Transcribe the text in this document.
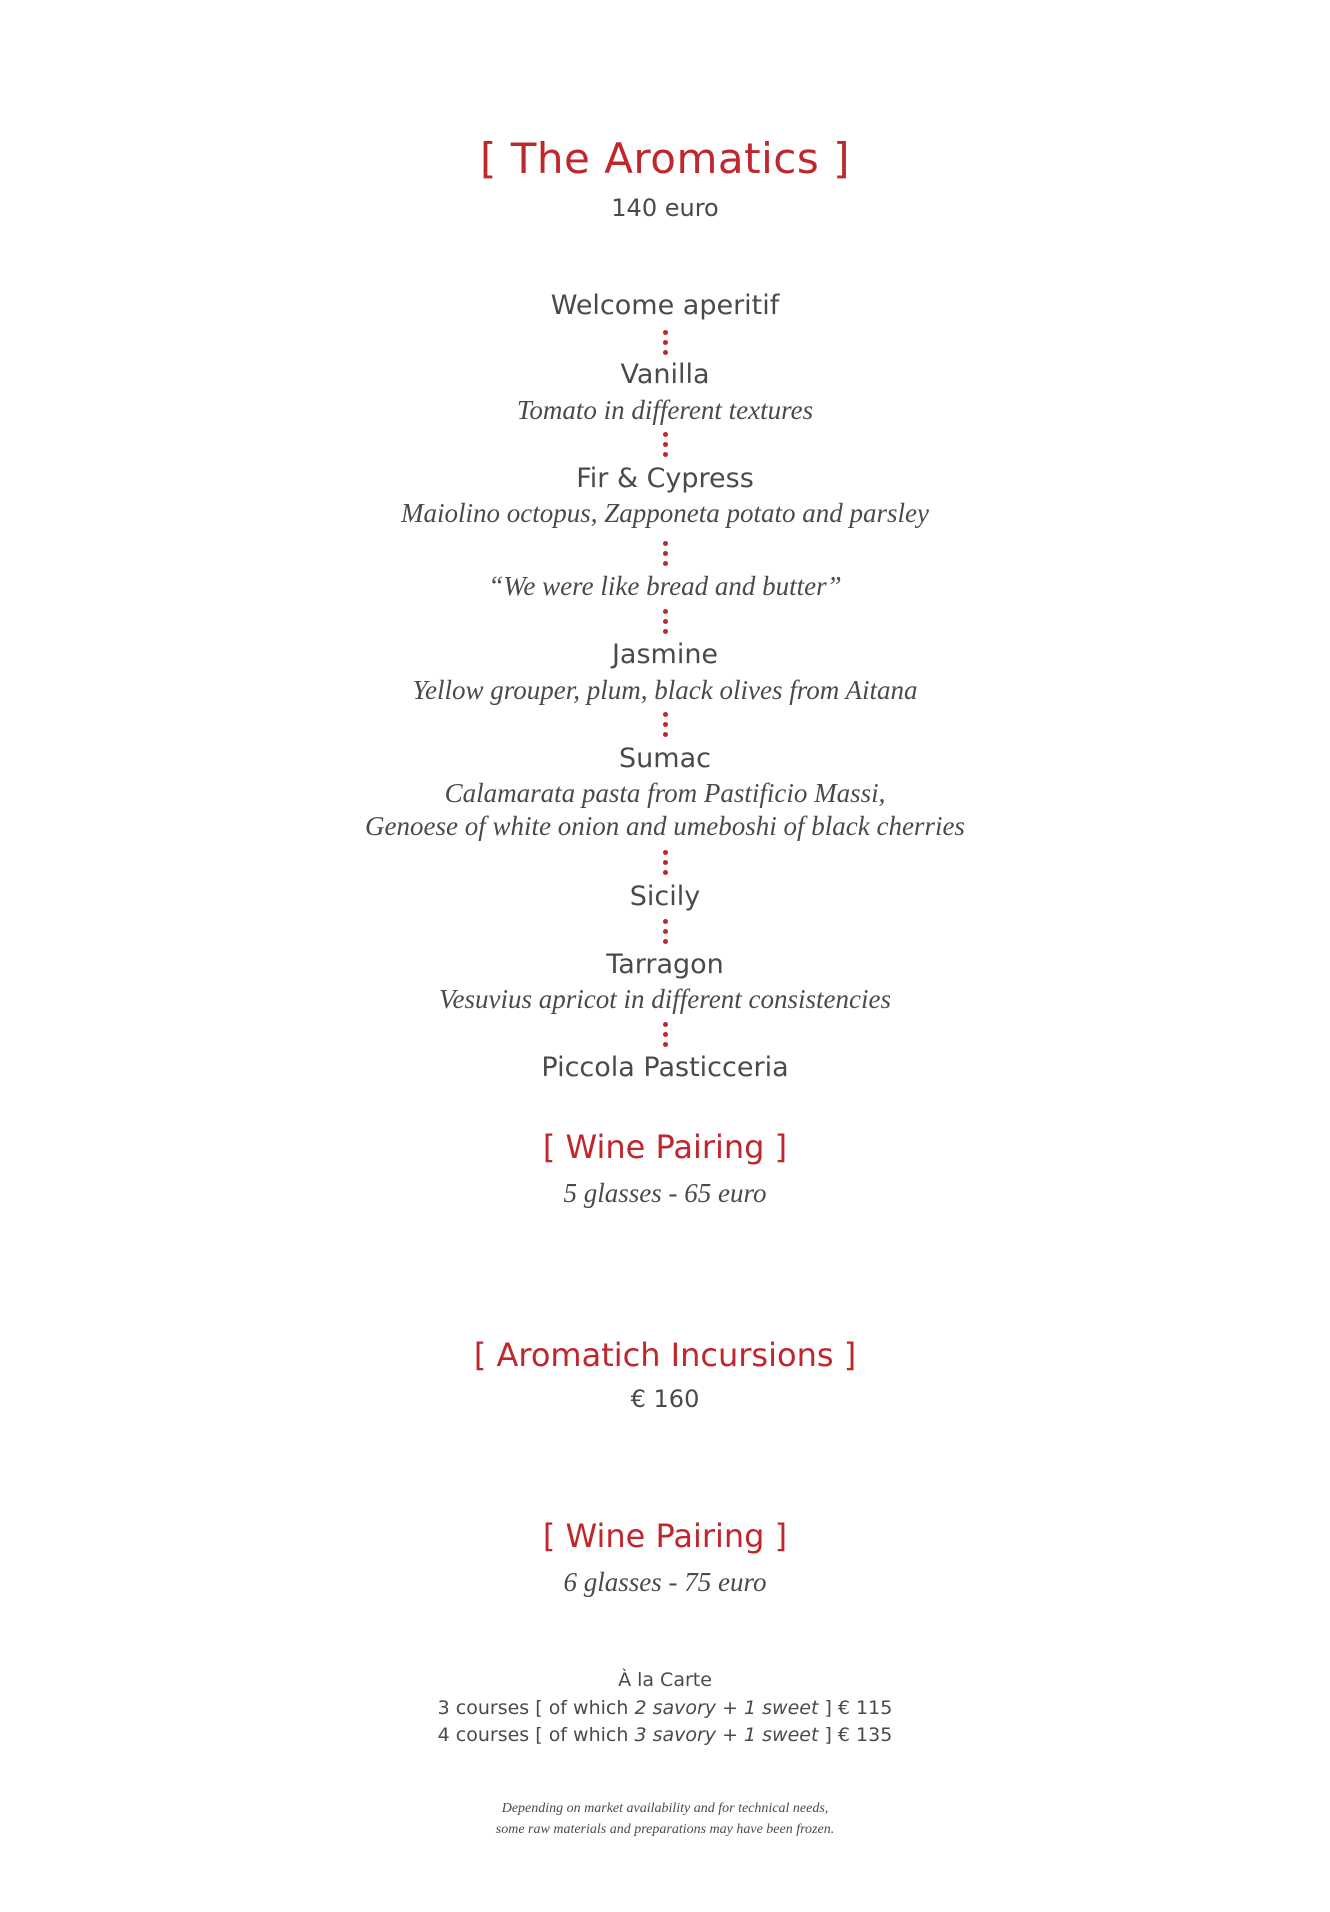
[ The Aromatics ]
140 euro
Welcome aperitif
Vanilla
Tomato in different textures
Fir & Cypress
Maiolino octopus, Zapponeta potato and parsley
“We were like bread and butter”
Jasmine
Yellow grouper, plum, black olives from Aitana
Sumac
Calamarata pasta from Pastificio Massi,
Genoese of white onion and umeboshi of black cherries
Sicily
Tarragon
Vesuvius apricot in different consistencies
Piccola Pasticceria
[ Wine Pairing ]
5 glasses - 65 euro
[ Aromatich Incursions ]
€ 160
[ Wine Pairing ]
6 glasses - 75 euro
À la Carte
3 courses [ of which 2 savory + 1 sweet ] € 115
4 courses [ of which 3 savory + 1 sweet ] € 135
Depending on market availability and for technical needs,
some raw materials and preparations may have been frozen.
